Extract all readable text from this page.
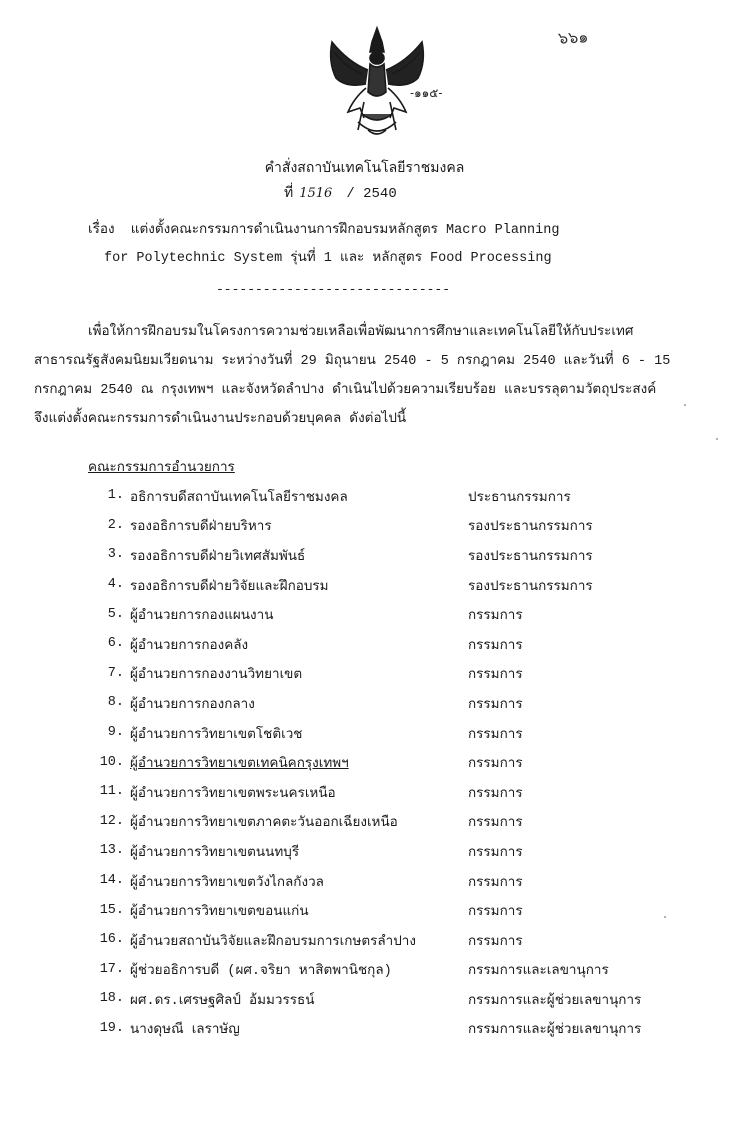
๖๖๑
-๑๑๕-
คำสั่งสถาบันเทคโนโลยีราชมงคล
ที่ 1516 / 2540
เรื่อง แต่งตั้งคณะกรรมการดำเนินงานการฝึกอบรมหลักสูตร Macro Planning
for Polytechnic System รุ่นที่ 1 และ หลักสูตร Food Processing
------------------------------

เพื่อให้การฝึกอบรมในโครงการความช่วยเหลือเพื่อพัฒนาการศึกษาและเทคโนโลยีให้กับประเทศ

สาธารณรัฐสังคมนิยมเวียดนาม ระหว่างวันที่ 29 มิถุนายน 2540 - 5 กรกฎาคม 2540 และวันที่ 6 - 15
กรกฎาคม 2540 ณ กรุงเทพฯ และจังหวัดลำปาง ดำเนินไปด้วยความเรียบร้อย และบรรลุตามวัตถุประสงค์
จึงแต่งตั้งคณะกรรมการดำเนินงานประกอบด้วยบุคคล ดังต่อไปนี้
คณะกรรมการอำนวยการ
1. อธิการบดีสถาบันเทคโนโลยีราชมงคล	ประธานกรรมการ
2. รองอธิการบดีฝ่ายบริหาร	รองประธานกรรมการ
3. รองอธิการบดีฝ่ายวิเทศสัมพันธ์	รองประธานกรรมการ
4. รองอธิการบดีฝ่ายวิจัยและฝึกอบรม	รองประธานกรรมการ
5. ผู้อำนวยการกองแผนงาน	กรรมการ
6. ผู้อำนวยการกองคลัง	กรรมการ
7. ผู้อำนวยการกองงานวิทยาเขต	กรรมการ
8. ผู้อำนวยการกองกลาง	กรรมการ
9. ผู้อำนวยการวิทยาเขตโชติเวช	กรรมการ
10. ผู้อำนวยการวิทยาเขตเทคนิคกรุงเทพฯ	กรรมการ
11. ผู้อำนวยการวิทยาเขตพระนครเหนือ	กรรมการ
12. ผู้อำนวยการวิทยาเขตภาคตะวันออกเฉียงเหนือ	กรรมการ
13. ผู้อำนวยการวิทยาเขตนนทบุรี	กรรมการ
14. ผู้อำนวยการวิทยาเขตวังไกลกังวล	กรรมการ
15. ผู้อำนวยการวิทยาเขตขอนแก่น	กรรมการ
16. ผู้อำนวยสถาบันวิจัยและฝึกอบรมการเกษตรลำปาง	กรรมการ
17. ผู้ช่วยอธิการบดี (ผศ.จริยา หาสิตพานิชกุล)	กรรมการและเลขานุการ
18. ผศ.ดร.เศรษฐศิลป์ อ้มมวรรธน์	กรรมการและผู้ช่วยเลขานุการ
19. นางดุษณี เลราษัญ	กรรมการและผู้ช่วยเลขานุการ
